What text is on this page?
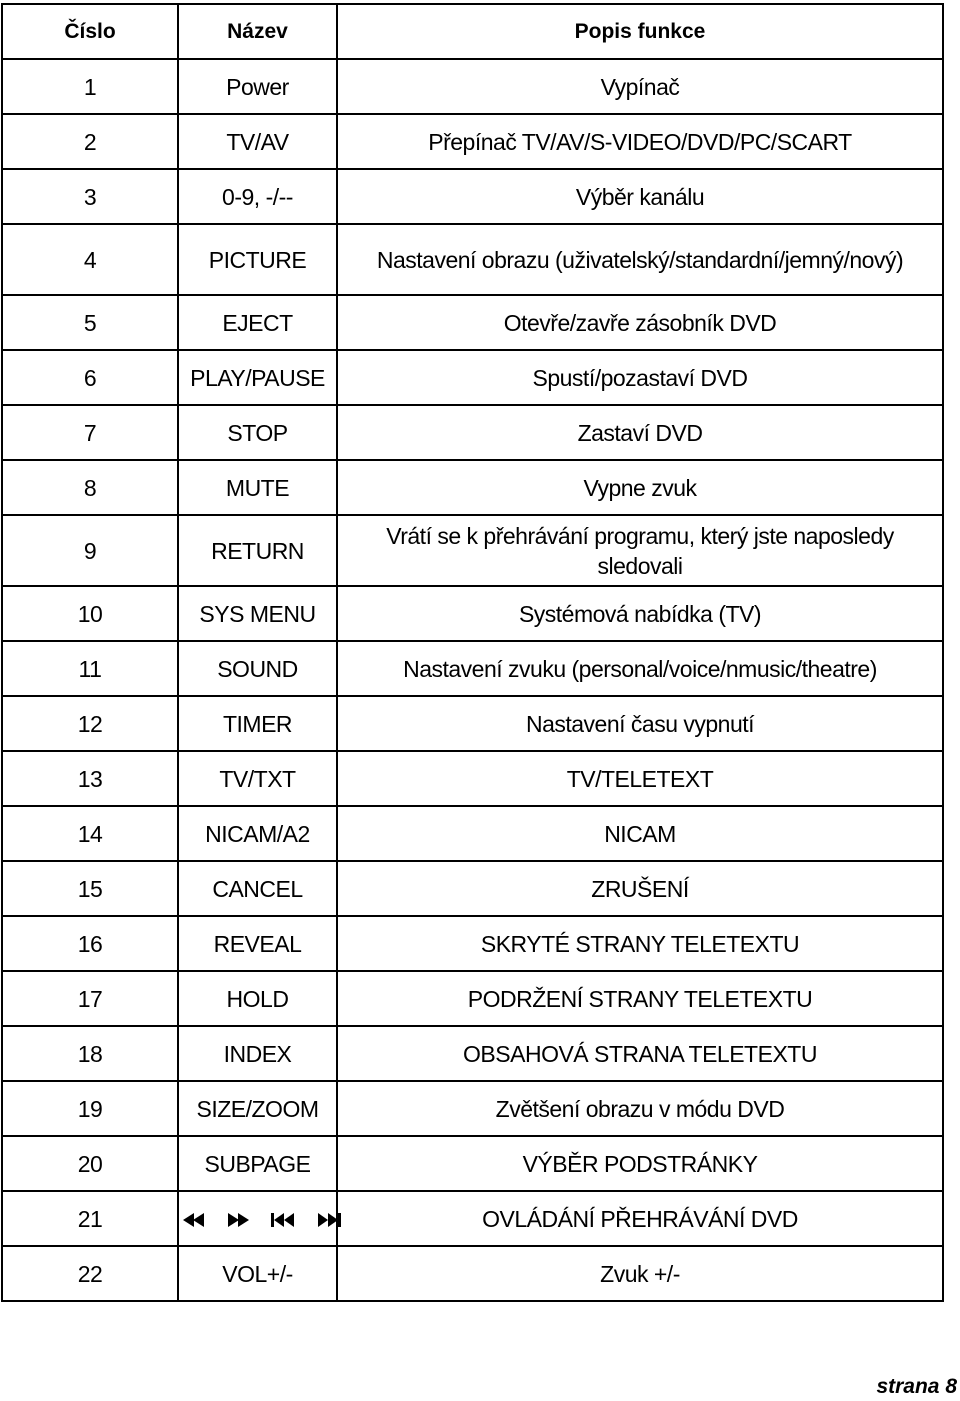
Číslo	Název	Popis funkce
1	Power	Vypínač
2	TV/AV	Přepínač TV/AV/S-VIDEO/DVD/PC/SCART
3	0-9, -/--	Výběr kanálu
4	PICTURE	Nastavení obrazu (uživatelský/standardní/jemný/nový)
5	EJECT	Otevře/zavře zásobník DVD
6	PLAY/PAUSE	Spustí/pozastaví DVD
7	STOP	Zastaví DVD
8	MUTE	Vypne zvuk
9	RETURN	Vrátí se k přehrávání programu, který jste naposledy sledovali
10	SYS MENU	Systémová nabídka (TV)
11	SOUND	Nastavení zvuku (personal/voice/nmusic/theatre)
12	TIMER	Nastavení času vypnutí
13	TV/TXT	TV/TELETEXT
14	NICAM/A2	NICAM
15	CANCEL	ZRUŠENÍ
16	REVEAL	SKRYTÉ STRANY TELETEXTU
17	HOLD	PODRŽENÍ STRANY TELETEXTU
18	INDEX	OBSAHOVÁ STRANA TELETEXTU
19	SIZE/ZOOM	Zvětšení obrazu v módu DVD
20	SUBPAGE	VÝBĚR PODSTRÁNKY
21		OVLÁDÁNÍ PŘEHRÁVÁNÍ DVD
22	VOL+/-	Zvuk +/-
strana 8
